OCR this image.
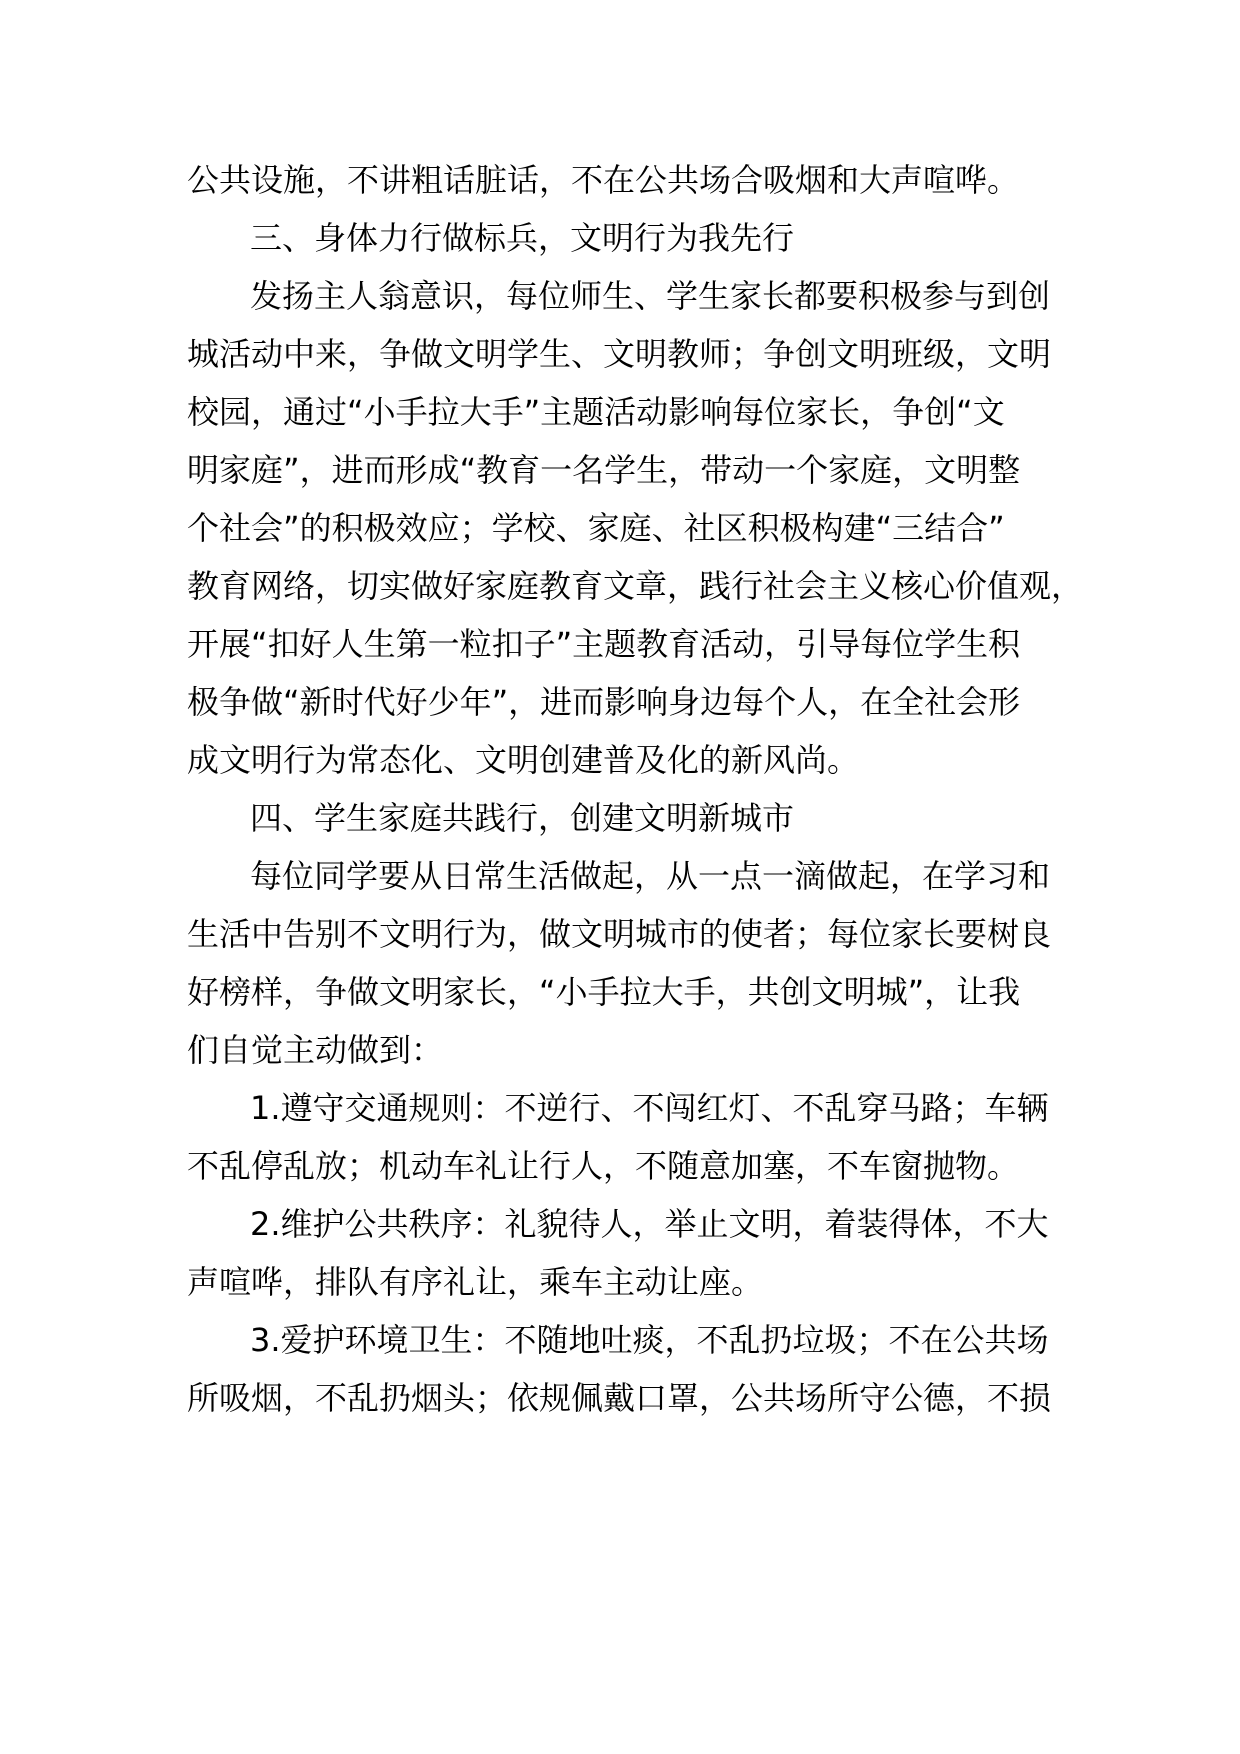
公共设施，不讲粗话脏话，不在公共场合吸烟和大声喧哗。

三、身体力行做标兵，文明行为我先行

发扬主人翁意识，每位师生、学生家长都要积极参与到创

城活动中来，争做文明学生、文明教师；争创文明班级，文明

校园，通过“小手拉大手”主题活动影响每位家长，争创“文

明家庭”，进而形成“教育一名学生，带动一个家庭，文明整

个社会”的积极效应；学校、家庭、社区积极构建“三结合”

教育网络，切实做好家庭教育文章，践行社会主义核心价值观，

开展“扣好人生第一粒扣子”主题教育活动，引导每位学生积

极争做“新时代好少年”，进而影响身边每个人，在全社会形

成文明行为常态化、文明创建普及化的新风尚。

四、学生家庭共践行，创建文明新城市

每位同学要从日常生活做起，从一点一滴做起，在学习和

生活中告别不文明行为，做文明城市的使者；每位家长要树良

好榜样，争做文明家长，“小手拉大手，共创文明城”，让我

们自觉主动做到：

1.遵守交通规则：不逆行、不闯红灯、不乱穿马路；车辆

不乱停乱放；机动车礼让行人，不随意加塞，不车窗抛物。

2.维护公共秩序：礼貌待人，举止文明，着装得体，不大

声喧哗，排队有序礼让，乘车主动让座。

3.爱护环境卫生：不随地吐痰，不乱扔垃圾；不在公共场

所吸烟，不乱扔烟头；依规佩戴口罩，公共场所守公德，不损
